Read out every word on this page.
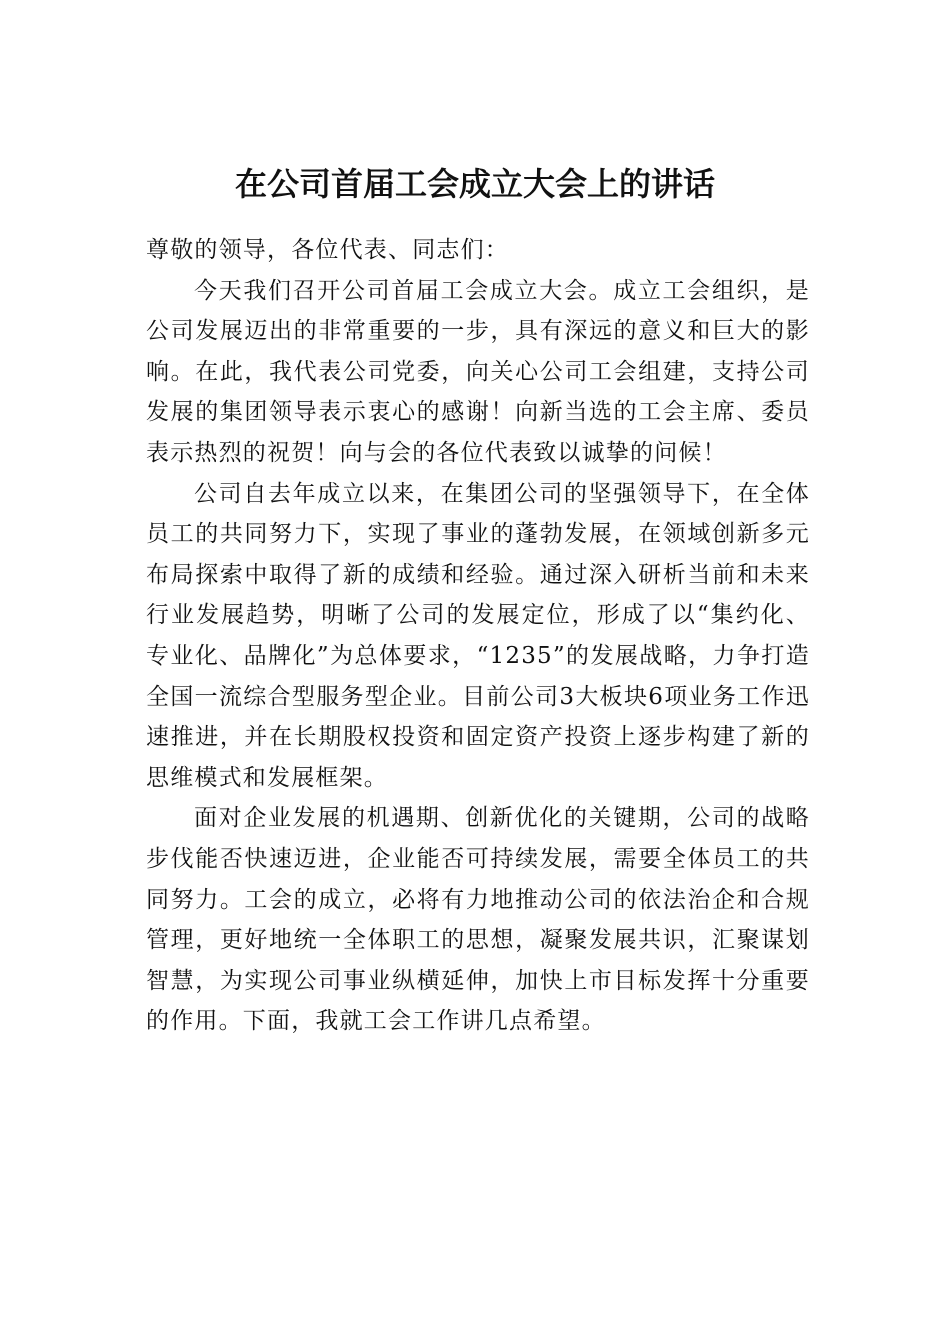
在公司首届工会成立大会上的讲话

尊敬的领导，各位代表、同志们：

今天我们召开公司首届工会成立大会。成立工会组织，是公司发展迈出的非常重要的一步，具有深远的意义和巨大的影响。在此，我代表公司党委，向关心公司工会组建，支持公司发展的集团领导表示衷心的感谢！向新当选的工会主席、委员表示热烈的祝贺！向与会的各位代表致以诚挚的问候！

公司自去年成立以来，在集团公司的坚强领导下，在全体员工的共同努力下，实现了事业的蓬勃发展，在领域创新多元布局探索中取得了新的成绩和经验。通过深入研析当前和未来行业发展趋势，明晰了公司的发展定位，形成了以“集约化、专业化、品牌化”为总体要求，“1235”的发展战略，力争打造全国一流综合型服务型企业。目前公司3大板块6项业务工作迅速推进，并在长期股权投资和固定资产投资上逐步构建了新的思维模式和发展框架。

面对企业发展的机遇期、创新优化的关键期，公司的战略步伐能否快速迈进，企业能否可持续发展，需要全体员工的共同努力。工会的成立，必将有力地推动公司的依法治企和合规管理，更好地统一全体职工的思想，凝聚发展共识，汇聚谋划智慧，为实现公司事业纵横延伸，加快上市目标发挥十分重要的作用。下面，我就工会工作讲几点希望。
